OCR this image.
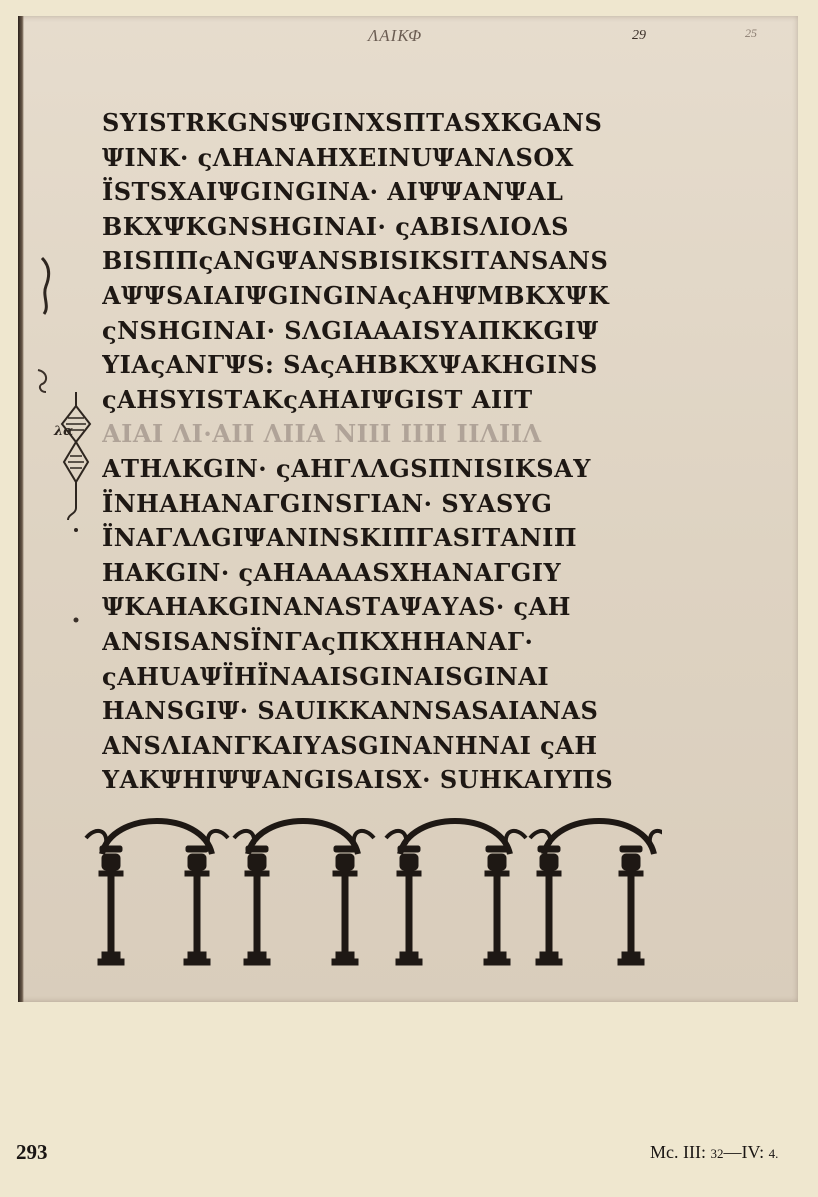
ΛΑΙΚΦ	29	25
λα
SΥΙSΤRΚGΝSΨGΙΝΧSΠΤΑSΧΚGΑΝS
ΨΙΝΚ· ςΛΗΑΝΑΗΧΕΙΝUΨΑΝΛSΟΧ
ΪSΤSΧΑΙΨGΙΝGΙΝΑ· ΑΙΨΨΑΝΨΑL
ΒΚΧΨΚGΝSΗGΙΝΑΙ· ςΑΒΙSΛΙΟΛS
ΒΙSΠΠςΑΝGΨΑΝSΒΙSΙΚSΙΤΑΝSΑΝS
ΑΨΨSΑΙΑΙΨGΙΝGΙΝΑςΑΗΨΜΒΚΧΨΚ
ςΝSΗGΙΝΑΙ· SΛGΙΑΑΑΙSΥΑΠΚΚGΙΨ
ΥΙΑςΑΝΓΨS: SΑςΑΗΒΚΧΨΑΚΗGΙΝS
ςΑΗSΥΙSΤΑΚςΑΗΑΙΨGΙSΤ ΑΙΙΤ
ΑΙΑΙ ΛΙ·ΑΙΙ ΛΙΙΑ ΝΙΙΙ ΙΙΙΙ ΙΙΛΙΙΛ
ΑΤΗΛΚGΙΝ· ςΑΗΓΛΛGSΠΝΙSΙΚSΑΥ
ΪΝΗΑΗΑΝΑΓGΙΝSΓΙΑΝ· SΥΑSΥG
ΪΝΑΓΛΛGΙΨΑΝΙΝSΚΙΠΓΑSΙΤΑΝΙΠ
ΗΑΚGΙΝ· ςΑΗΑΑΑΑSΧΗΑΝΑΓGΙΥ
ΨΚΑΗΑΚGΙΝΑΝΑSΤΑΨΑΥΑS· ςΑΗ
ΑΝSΙSΑΝSΪΝΓΑςΠΚΧΗΗΑΝΑΓ·
ςΑΗUΑΨΪΗΪΝΑΑΙSGΙΝΑΙSGΙΝΑΙ
ΗΑΝSGΙΨ· SΑUΙΚΚΑΝΝSΑSΑΙΑΝΑS
ΑΝSΛΙΑΝΓΚΑΙΥΑSGΙΝΑΝΗΝΑΙ ςΑΗ
ΥΑΚΨΗΙΨΨΑΝGΙSΑΙSΧ· SUΗΚΑΙΥΠS
293	Mc. III: 32—IV: 4.
